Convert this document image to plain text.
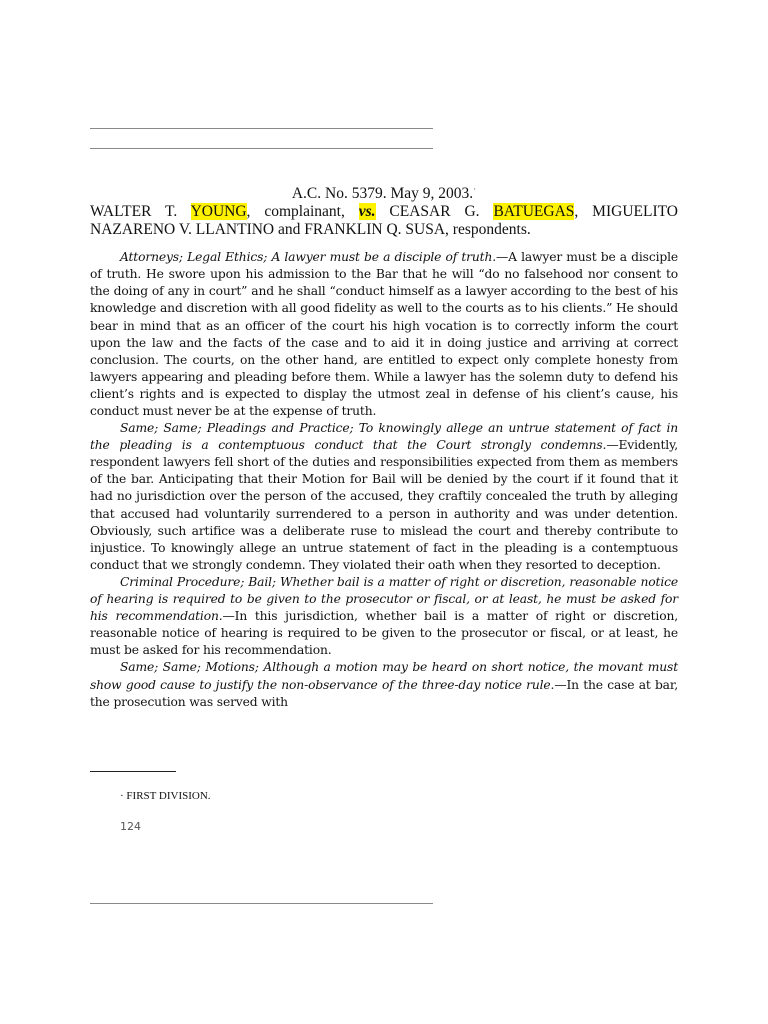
A.C. No. 5379. May 9, 2003.·
WALTER T. YOUNG, complainant, vs. CEASAR G. BATUEGAS, MIGUELITO NAZARENO V. LLANTINO and FRANKLIN Q. SUSA, respondents.

Attorneys; Legal Ethics; A lawyer must be a disciple of truth.—A lawyer must be a disciple of truth. He swore upon his admission to the Bar that he will “do no falsehood nor consent to the doing of any in court” and he shall “conduct himself as a lawyer according to the best of his knowledge and discretion with all good fidelity as well to the courts as to his clients.” He should bear in mind that as an officer of the court his high vocation is to correctly inform the court upon the law and the facts of the case and to aid it in doing justice and arriving at correct conclusion. The courts, on the other hand, are entitled to expect only complete honesty from lawyers appearing and pleading before them. While a lawyer has the solemn duty to defend his client’s rights and is expected to display the utmost zeal in defense of his client’s cause, his conduct must never be at the expense of truth.

Same; Same; Pleadings and Practice; To knowingly allege an untrue statement of fact in the pleading is a contemptuous conduct that the Court strongly condemns.—Evidently, respondent lawyers fell short of the duties and responsibilities expected from them as members of the bar. Anticipating that their Motion for Bail will be denied by the court if it found that it had no jurisdiction over the person of the accused, they craftily concealed the truth by alleging that accused had voluntarily surrendered to a person in authority and was under detention. Obviously, such artifice was a deliberate ruse to mislead the court and thereby contribute to injustice. To knowingly allege an untrue statement of fact in the pleading is a contemptuous conduct that we strongly condemn. They violated their oath when they resorted to deception.

Criminal Procedure; Bail; Whether bail is a matter of right or discretion, reasonable notice of hearing is required to be given to the prosecutor or fiscal, or at least, he must be asked for his recommendation.—In this jurisdiction, whether bail is a matter of right or discretion, reasonable notice of hearing is required to be given to the prosecutor or fiscal, or at least, he must be asked for his recommendation.

Same; Same; Motions; Although a motion may be heard on short notice, the movant must show good cause to justify the non-observance of the three-day notice rule.—In the case at bar, the prosecution was served with

· FIRST DIVISION.
124
